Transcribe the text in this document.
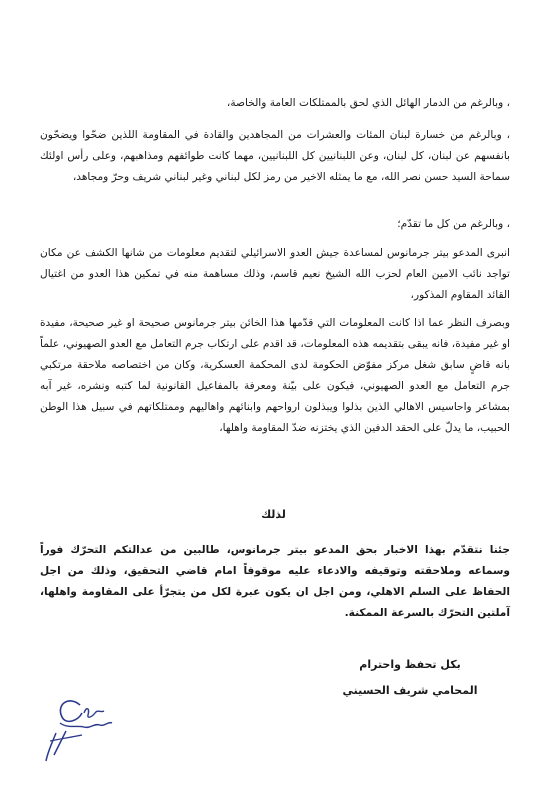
، وبالرغم من الدمار الهائل الذي لحق بالممتلكات العامة والخاصة،

، وبالرغم من خسارة لبنان المئات والعشرات من المجاهدين والقادة في المقاومة اللذين ضحّوا ويضحّون بانفسهم عن لبنان، كل لبنان، وعن اللبنانيين كل اللبنانيين، مهما كانت طوائفهم ومذاهبهم، وعلى رأس اولئك سماحة السيد حسن نصر الله، مع ما يمثله الاخير من رمز لكل لبناني وغير لبناني شريف وحرّ ومجاهد،

، وبالرغم من كل ما تقدّم؛

انبرى المدعو بيتر جرمانوس لمساعدة جيش العدو الاسرائيلي لتقديم معلومات من شانها الكشف عن مكان تواجد نائب الامين العام لحزب الله الشيخ نعيم قاسم، وذلك مساهمة منه في تمكين هذا العدو من اغتيال القائد المقاوم المذكور،

وبصرف النظر عما اذا كانت المعلومات التي قدّمها هذا الخائن بيتر جرمانوس صحيحة او غير صحيحة، مفيدة او غير مفيدة، فانه يبقى بتقديمه هذه المعلومات، قد اقدم على ارتكاب جرم التعامل مع العدو الصهيوني، علماً بانه قاضٍ سابق شغل مركز مفوّض الحكومة لدى المحكمة العسكرية، وكان من اختصاصه ملاحقة مرتكبي جرم التعامل مع العدو الصهيوني، فيكون على بيّنة ومعرفة بالمفاعيل القانونية لما كتبه ونشره، غير آبه بمشاعر واحاسيس الاهالي الذين بذلوا ويبذلون ارواحهم وابنائهم واهاليهم وممتلكاتهم في سبيل هذا الوطن الحبيب، ما يدلّ على الحقد الدفين الذي يختزنه ضدّ المقاومة واهلها،

لذلك

جئنا نتقدّم بهذا الاخبار بحق المدعو بيتر جرمانوس، طالبين من عدالتكم التحرّك فوراً وسماعه وملاحقته وتوقيفه والادعاء عليه موقوفاً امام قاضي التحقيق، وذلك من اجل الحفاظ على السلم الاهلي، ومن اجل ان يكون عبرة لكل من يتجرّأ على المقاومة واهلها، آملتين التحرّك بالسرعة الممكنة.

بكل تحفظ واحترام
المحامي شريف الحسيني
